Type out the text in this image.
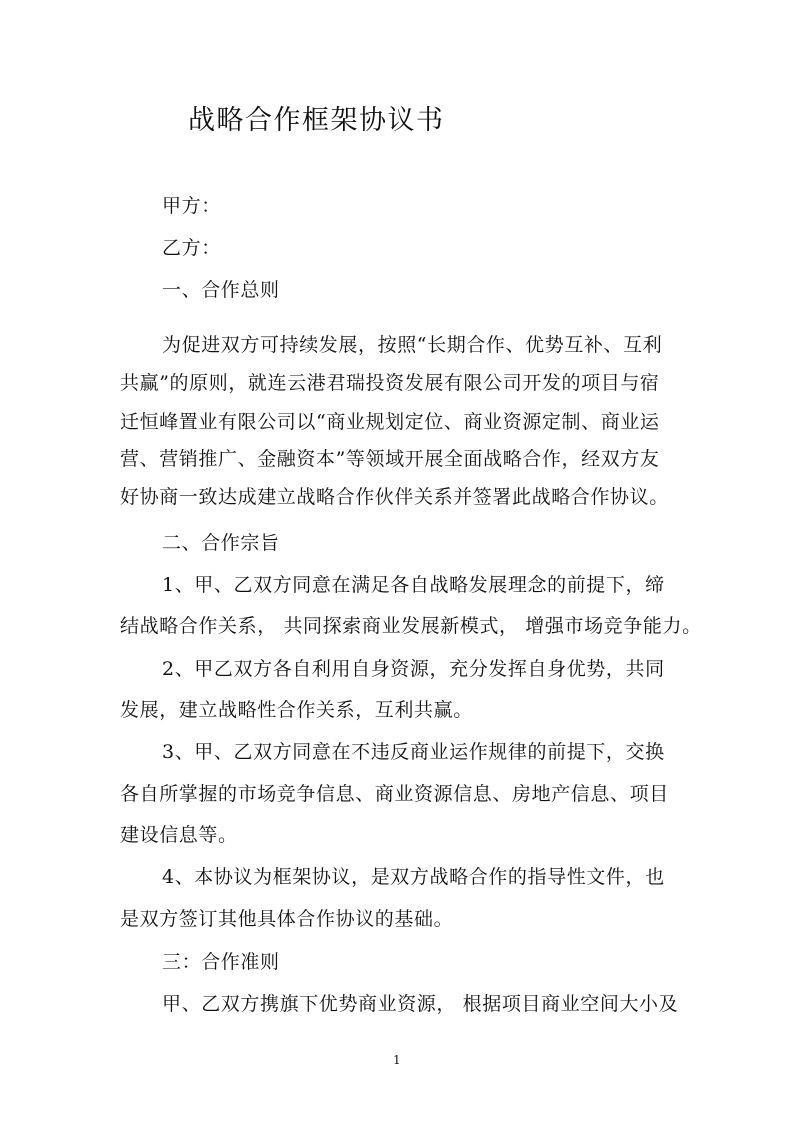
战略合作框架协议书
甲方：
乙方：
一、合作总则
为促进双方可持续发展，按照“长期合作、优势互补、互利
共赢”的原则，就连云港君瑞投资发展有限公司开发的项目与宿
迁恒峰置业有限公司以“商业规划定位、商业资源定制、商业运
营、营销推广、金融资本”等领域开展全面战略合作，经双方友
好协商一致达成建立战略合作伙伴关系并签署此战略合作协议。
二、合作宗旨
1、甲、乙双方同意在满足各自战略发展理念的前提下，缔
结战略合作关系， 共同探索商业发展新模式， 增强市场竞争能力。
2、甲乙双方各自利用自身资源，充分发挥自身优势，共同
发展，建立战略性合作关系，互利共赢。
3、甲、乙双方同意在不违反商业运作规律的前提下，交换
各自所掌握的市场竞争信息、商业资源信息、房地产信息、项目
建设信息等。
4、本协议为框架协议，是双方战略合作的指导性文件，也
是双方签订其他具体合作协议的基础。
三：合作准则
甲、乙双方携旗下优势商业资源， 根据项目商业空间大小及
1
